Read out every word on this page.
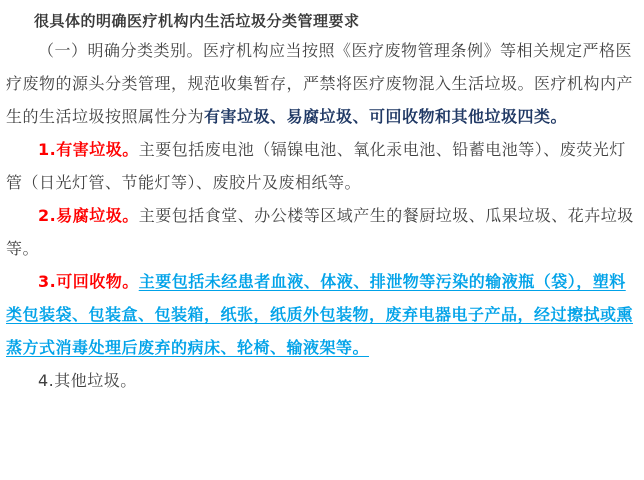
很具体的明确医疗机构内生活垃圾分类管理要求

（一）明确分类类别。医疗机构应当按照《医疗废物管理条例》等相关规定严格医疗废物的源头分类管理，规范收集暂存，严禁将医疗废物混入生活垃圾。医疗机构内产生的生活垃圾按照属性分为有害垃圾、易腐垃圾、可回收物和其他垃圾四类。

1.有害垃圾。主要包括废电池（镉镍电池、氧化汞电池、铅蓄电池等）、废荧光灯管（日光灯管、节能灯等）、废胶片及废相纸等。

2.易腐垃圾。主要包括食堂、办公楼等区域产生的餐厨垃圾、瓜果垃圾、花卉垃圾等。

3.可回收物。主要包括未经患者血液、体液、排泄物等污染的输液瓶（袋），塑料类包装袋、包装盒、包装箱，纸张，纸质外包装物，废弃电器电子产品，经过擦拭或熏蒸方式消毒处理后废弃的病床、轮椅、输液架等。

4.其他垃圾。
